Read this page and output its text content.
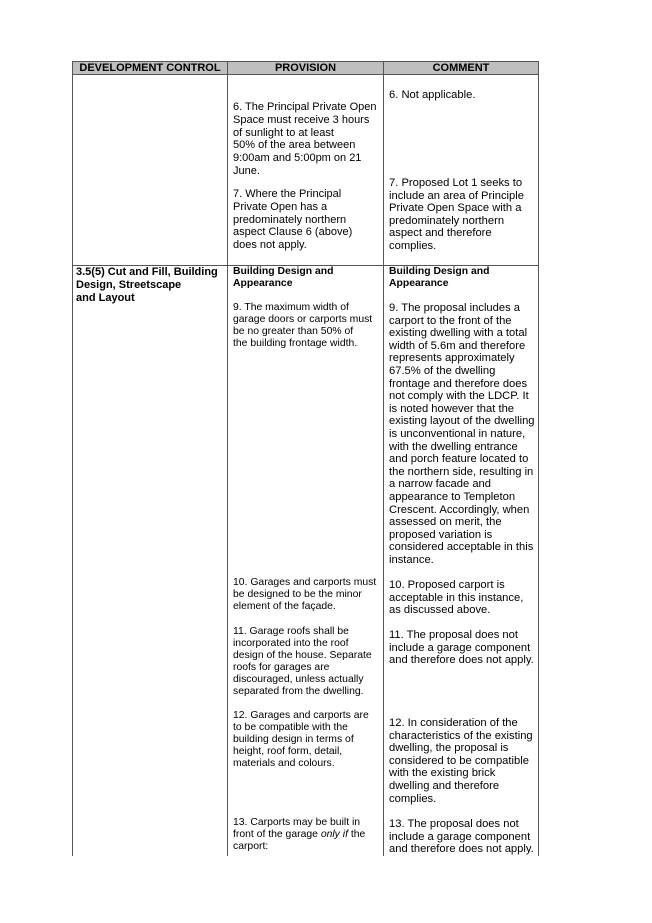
DEVELOPMENT CONTROL	PROVISION	COMMENT
6. The Principal Private Open
Space must receive 3 hours
of sunlight to at least
50% of the area between
9:00am and 5:00pm on 21
June.
7. Where the Principal
Private Open has a
predominately northern
aspect Clause 6 (above)
does not apply.
6. Not applicable.
7. Proposed Lot 1 seeks to
include an area of Principle
Private Open Space with a
predominately northern
aspect and therefore
complies.
3.5(5) Cut and Fill, Building
Design, Streetscape
and Layout
Building Design and
Appearance
Building Design and
Appearance
9. The maximum width of
garage doors or carports must
be no greater than 50% of
the building frontage width.
10. Garages and carports must
be designed to be the minor
element of the façade.
11. Garage roofs shall be
incorporated into the roof
design of the house. Separate
roofs for garages are
discouraged, unless actually
separated from the dwelling.
12. Garages and carports are
to be compatible with the
building design in terms of
height, roof form, detail,
materials and colours.
13. Carports may be built in
front of the garage only if the
carport:
9. The proposal includes a
carport to the front of the
existing dwelling with a total
width of 5.6m and therefore
represents approximately
67.5% of the dwelling
frontage and therefore does
not comply with the LDCP. It
is noted however that the
existing layout of the dwelling
is unconventional in nature,
with the dwelling entrance
and porch feature located to
the northern side, resulting in
a narrow facade and
appearance to Templeton
Crescent. Accordingly, when
assessed on merit, the
proposed variation is
considered acceptable in this
instance.
10. Proposed carport is
acceptable in this instance,
as discussed above.
11. The proposal does not
include a garage component
and therefore does not apply.
12. In consideration of the
characteristics of the existing
dwelling, the proposal is
considered to be compatible
with the existing brick
dwelling and therefore
complies.
13. The proposal does not
include a garage component
and therefore does not apply.
